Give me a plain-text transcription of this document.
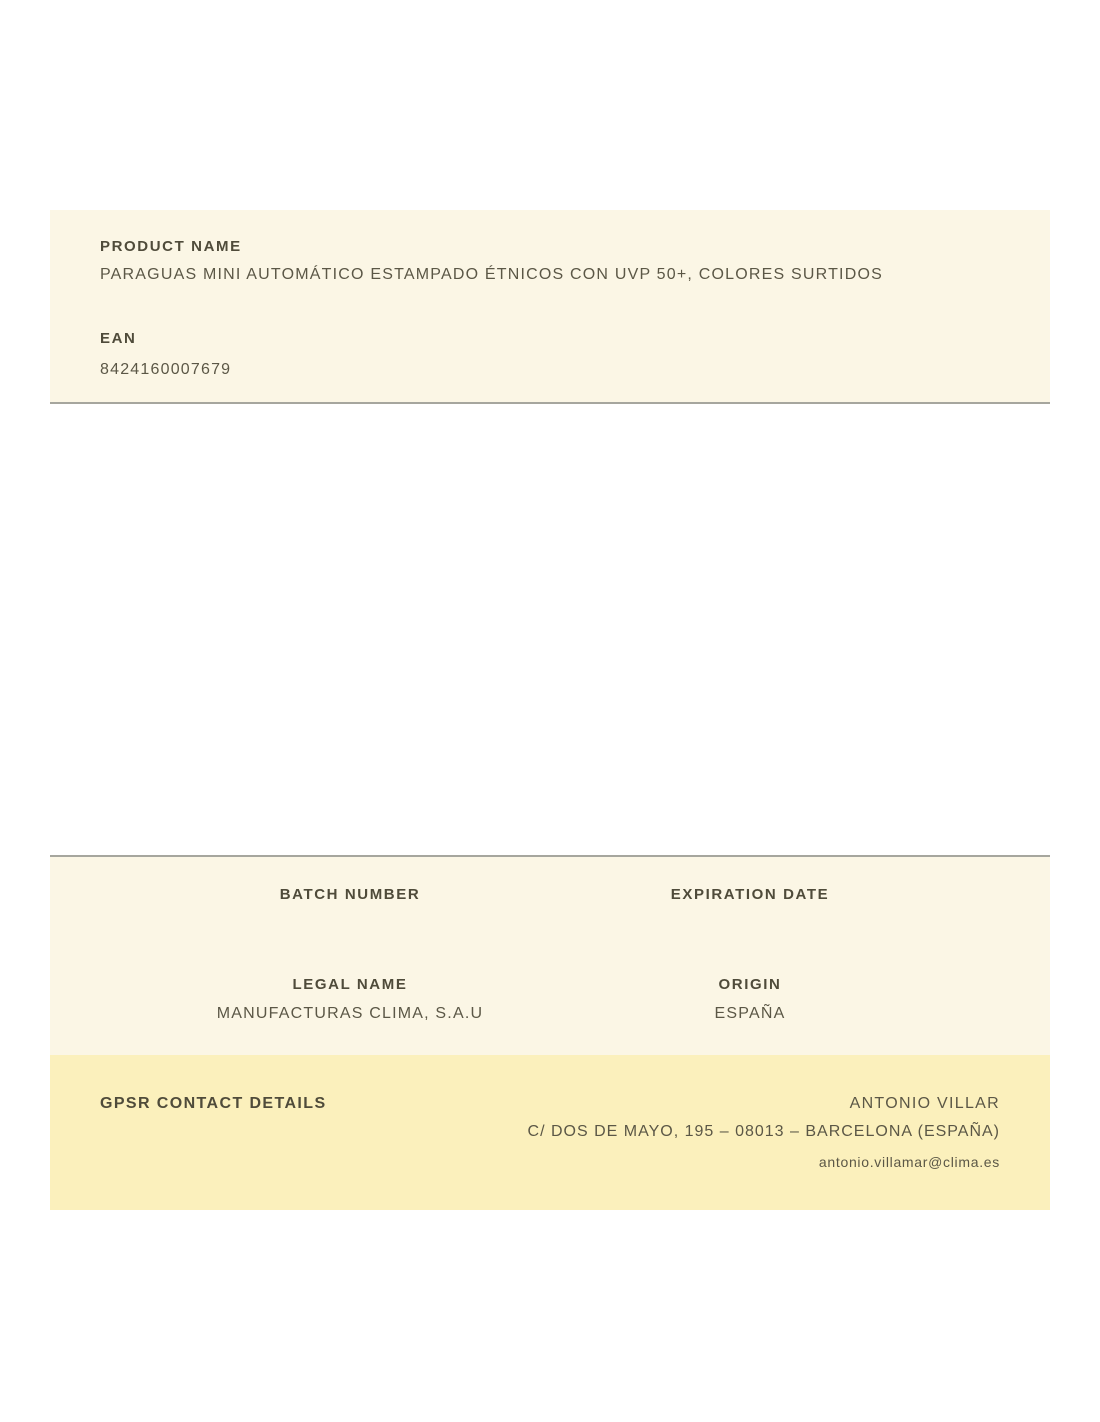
PRODUCT NAME
PARAGUAS MINI AUTOMÁTICO ESTAMPADO ÉTNICOS CON UVP 50+, COLORES SURTIDOS
EAN
8424160007679
BATCH NUMBER	EXPIRATION DATE
LEGAL NAME
MANUFACTURAS CLIMA, S.A.U
ORIGIN
ESPAÑA
GPSR CONTACT DETAILS	ANTONIO VILLAR
C/ DOS DE MAYO, 195 – 08013 – BARCELONA (ESPAÑA)
antonio.villamar@clima.es
